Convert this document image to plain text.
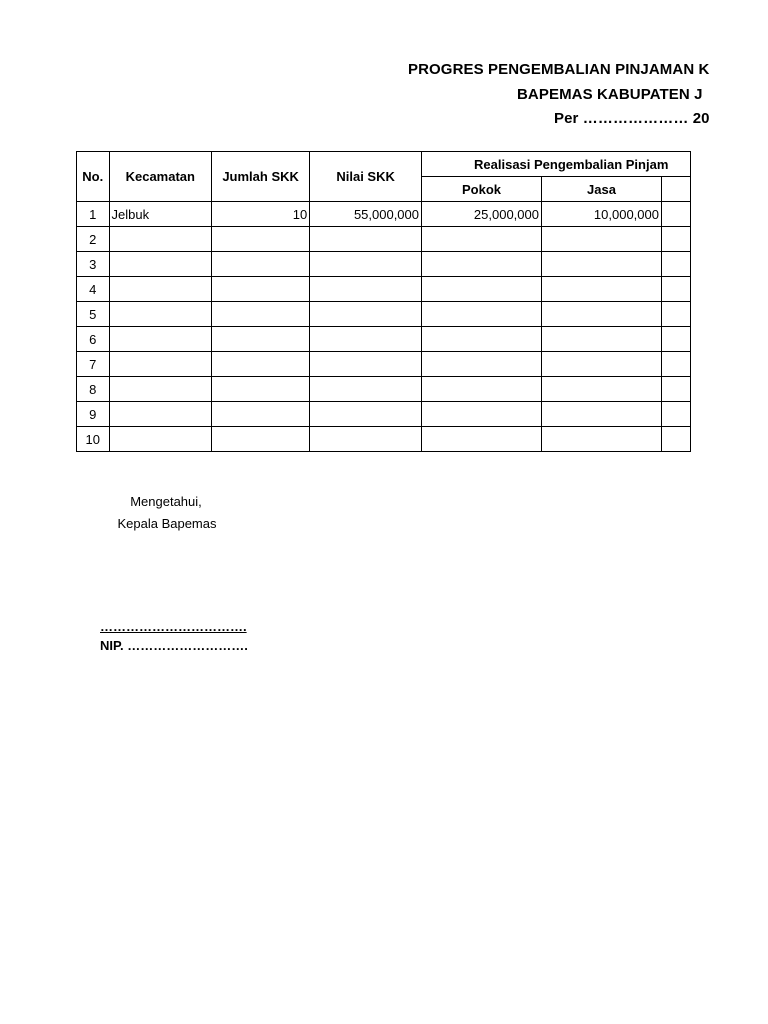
PROGRES PENGEMBALIAN PINJAMAN K
BAPEMAS KABUPATEN J
Per ………………… 20
No.	Kecamatan	Jumlah SKK	Nilai SKK	Realisasi Pengembalian Pinjam		
				Pokok	Jasa	
1	Jelbuk	10	55,000,000	25,000,000	10,000,000	
2						
3						
4						
5						
6						
7						
8						
9						
10						
Mengetahui,
Kepala Bapemas
…………………………….
NIP. ……………………….
